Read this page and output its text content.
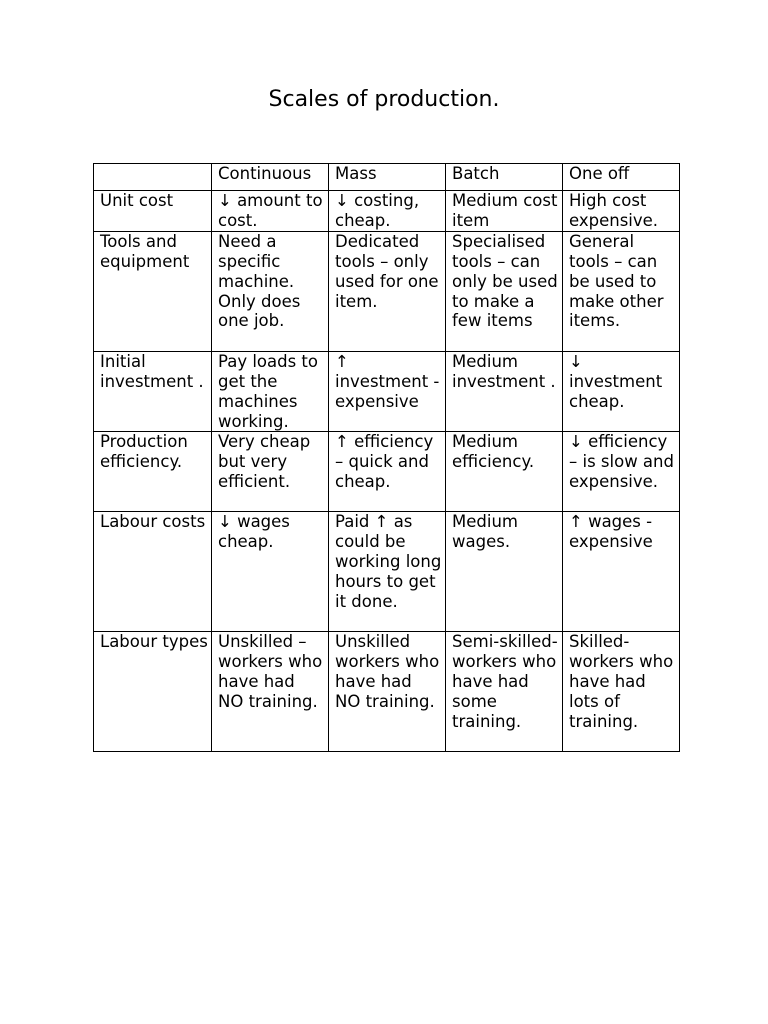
Scales of production.
	Continuous	Mass	Batch	One off
Unit cost	↓ amount to cost.	↓ costing, cheap.	Medium cost item	High cost expensive.
Tools and equipment	Need a specific machine. Only does one job.	Dedicated tools – only used for one item.	Specialised tools – can only be used to make a few items	General tools – can be used to make other items.
Initial investment .	Pay loads to get the machines working.	↑ investment -expensive	Medium investment .	↓ investment cheap.
Production efficiency.	Very cheap but very efficient.	↑ efficiency – quick and cheap.	Medium efficiency.	↓ efficiency – is slow and expensive.
Labour costs	↓ wages cheap.	Paid ↑ as could be working long hours to get it done.	Medium wages.	↑ wages - expensive
Labour types	Unskilled – workers who have had NO training.	Unskilled workers who have had NO training.	Semi-skilled-workers who have had some training.	Skilled-workers who have had lots of training.
